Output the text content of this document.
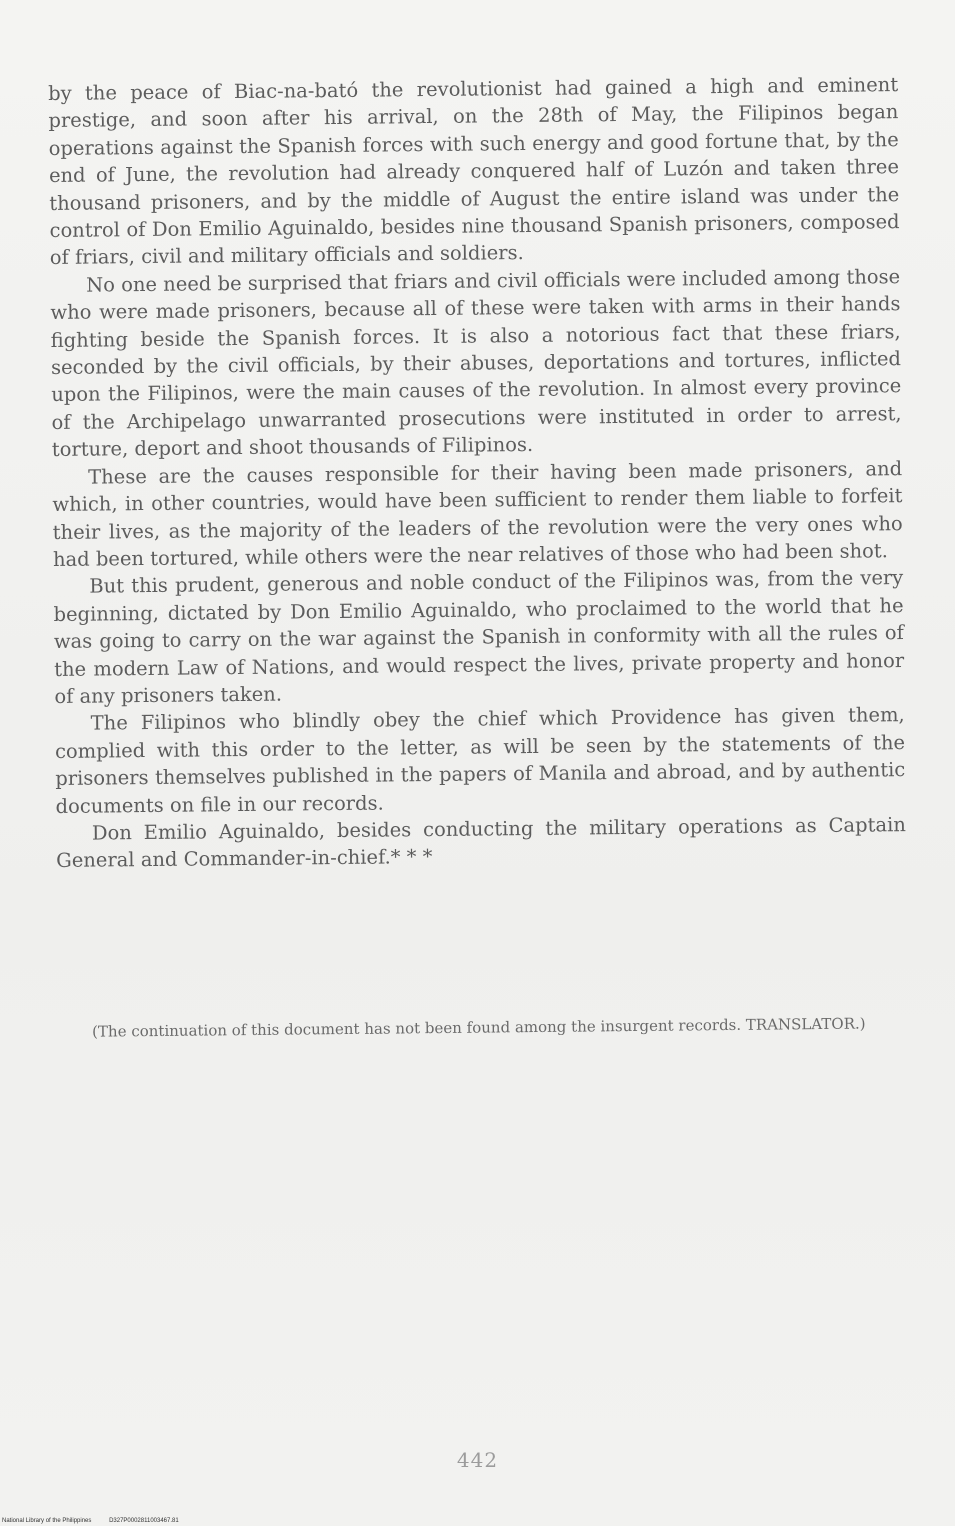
by the peace of Biac-na-bató the revolutionist had gained a high and eminent prestige, and soon after his arrival, on the 28th of May, the Filipinos began operations against the Spanish forces with such energy and good fortune that, by the end of June, the revolution had already conquered half of Luzón and taken three thousand prisoners, and by the middle of August the entire island was under the control of Don Emilio Aguinaldo, besides nine thousand Spanish prisoners, composed of friars, civil and military officials and soldiers.

No one need be surprised that friars and civil officials were included among those who were made prisoners, because all of these were taken with arms in their hands fighting beside the Spanish forces. It is also a notorious fact that these friars, seconded by the civil officials, by their abuses, deportations and tortures, inflicted upon the Filipinos, were the main causes of the revolution. In almost every province of the Archipelago unwarranted prosecutions were instituted in order to arrest, torture, deport and shoot thousands of Filipinos.

These are the causes responsible for their having been made prisoners, and which, in other countries, would have been sufficient to render them liable to forfeit their lives, as the majority of the leaders of the revolution were the very ones who had been tortured, while others were the near relatives of those who had been shot.

But this prudent, generous and noble conduct of the Filipinos was, from the very beginning, dictated by Don Emilio Aguinaldo, who proclaimed to the world that he was going to carry on the war against the Spanish in conformity with all the rules of the modern Law of Nations, and would respect the lives, private property and honor of any prisoners taken.

The Filipinos who blindly obey the chief which Providence has given them, complied with this order to the letter, as will be seen by the statements of the prisoners themselves published in the papers of Manila and abroad, and by authentic documents on file in our records.

Don Emilio Aguinaldo, besides conducting the military operations as Captain General and Commander-in-chief.* * *

(The continuation of this document has not been found among the insurgent records. TRANSLATOR.)

442
National Library of the Philippines	D327P0002811003467.81
